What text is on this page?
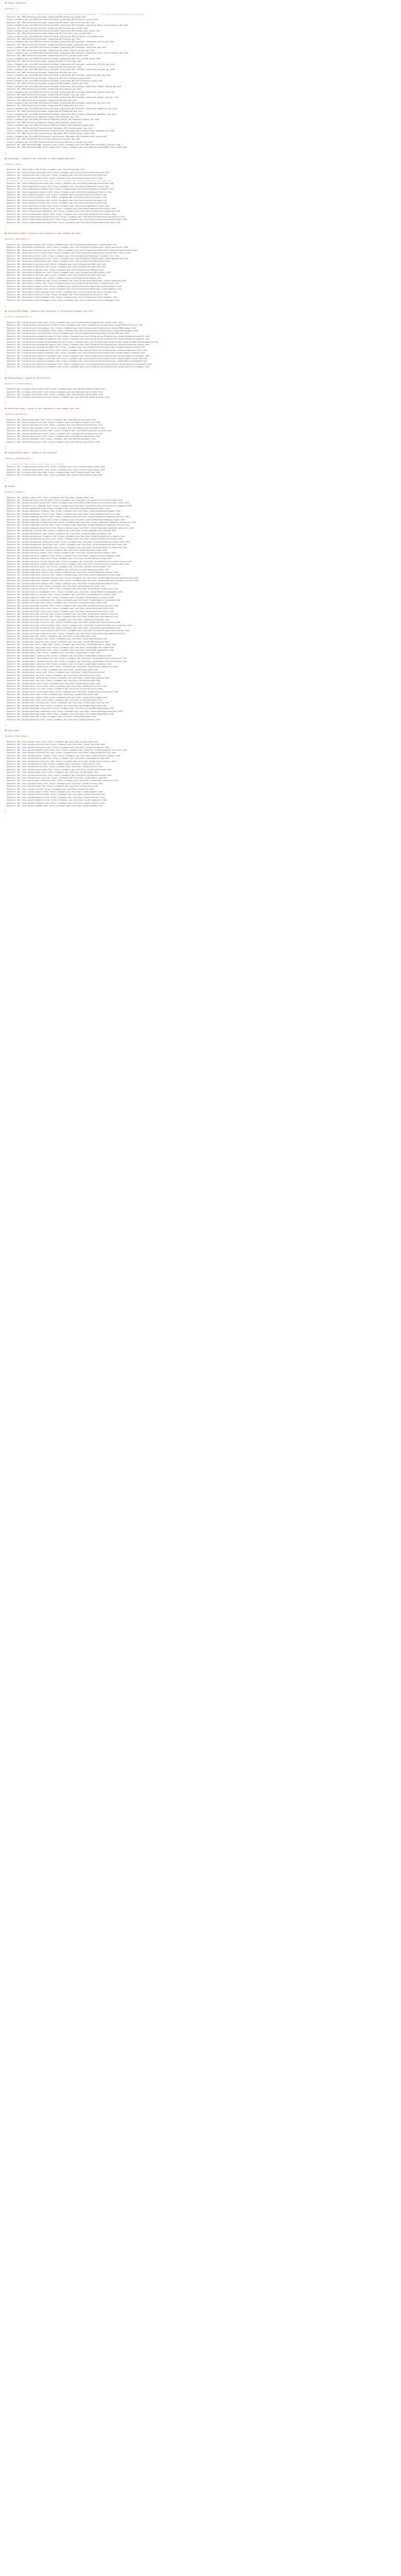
## Gerbil redirects
location / {
#[This is a remnant from an MKS-Reference/Customer-Subsystem-Migration-Subsystem... Following redirects/adjust accordingly]
Redirect 301 /MKS_Reference/Customer_Subsystem_API/autopilot_guide.html
https://example.gov-test/MKS_Reference/Customer_Subsystem_API/autopilot_guide.html
Redirect 301 /MKS_Reference/Customer_Subsystem_API/batch_notifications_api.html
https://example.gov-test/MKS_Reference/Customer_Subsystem_API/customer_subsystem_batch_notifications_api.html
Redirect 301 /MKS_Reference/Customer_Subsystem_API/canada_post_guide.html
https://example.gov-test/MKS_Reference/Customer_Subsystem_API/canada_post_guide.html
Redirect 301 /MKS_Reference/Customer_Subsystem_API/callback_retry_guide.html
https://example.gov-test/MKS_Reference/Customer_Subsystem_API/callback_retry_guide.html
Redirect 301 /MKS_Reference/Customer_Subsystem_API/config_api.html
https://example.gov-test/MKS_Reference/Customer_Subsystem_API/customer_subsystem_config_api.html
Redirect 301 /MKS_Reference/Customer_Subsystem_API/customer_subsystem_api.html
https://example.gov-test/MKS_Reference/Customer_Subsystem_API/customer_subsystem_api.html
Redirect 301 /MKS_Reference/Customer_Subsystem_API/event_notifications_api.html
https://example.gov-test/MKS_Reference/Customer_Subsystem_API/customer_subsystem_event_notifications_api.html
Redirect 301 /MKS_Reference/Customer_Subsystem_API/file_upload_guide.html
https://example.gov-test/MKS_Reference/Customer_Subsystem_API/file_upload_guide.html
Redirect 301 /MKS_Reference/Customer_Subsystem_API/filters_api.html
https://example.gov-test/MKS_Reference/Customer_Subsystem_API/customer_subsystem_filters_api.html
Redirect 301 /MKS_Reference/Customer_Subsystem_API/message_api.html
https://example.gov-test/MKS_Reference/Customer_Subsystem_API/customer_subsystem_message_api.html
Redirect 301 /MKS_Reference/Customer_Subsystem_API/mms_api.html
https://example.gov-test/MKS_Reference/Customer_Subsystem_API/customer_subsystem_mms_api.html
Redirect 301 /MKS_Reference/Customer_Subsystem_API/notifications_guide.html
https://example.gov-test/MKS_Reference/Customer_Subsystem_API/notifications_guide.html
Redirect 301 /MKS_Reference/Customer_Subsystem_API/number_lookup_api.html
https://example.gov-test/MKS_Reference/Customer_Subsystem_API/customer_subsystem_number_lookup_api.html
Redirect 301 /MKS_Reference/Customer_Subsystem_API/reports_api.html
https://example.gov-test/MKS_Reference/Customer_Subsystem_API/customer_subsystem_reports_api.html
Redirect 301 /MKS_Reference/Customer_Subsystem_API/sender_ids_api.html
https://example.gov-test/MKS_Reference/Customer_Subsystem_API/customer_subsystem_sender_ids_api.html
Redirect 301 /MKS_Reference/Customer_Subsystem_API/sms_api.html
https://example.gov-test/MKS_Reference/Customer_Subsystem_API/customer_subsystem_sms_api.html
Redirect 301 /MKS_Reference/Customer_Subsystem_API/templates_api.html
https://example.gov-test/MKS_Reference/Customer_Subsystem_API/customer_subsystem_templates_api.html
Redirect 301 /MKS_Reference/Customer_Subsystem_API/webhooks_api.html
https://example.gov-test/MKS_Reference/Customer_Subsystem_API/customer_subsystem_webhooks_api.html
Redirect 301 /MKS_Reference/Template_Engine_API/template_api.html
https://example.gov-test/MKS_Reference/Template_Engine_API/template_engine_api.html
Redirect 301 /MKS_Reference/Template_Engine_API/template_guide.html
https://example.gov-test/MKS_Reference/Template_Engine_API/template_guide.html
Redirect 301 /MKS_Reference/Transactional_Messages_API/transactional_api.html
https://example.gov-test/MKS_Reference/Transactional_Messages_API/transactional_messages_api.html
Redirect 301 /MKS_Reference/Transactional_Messages_API/transactional_guide.html
https://example.gov-test/MKS_Reference/Transactional_Messages_API/transactional_guide.html
Redirect 301 /MKS_Reference/Verification_API/verification_api.html
https://example.gov-test/MKS_Reference/Verification_API/verification_api.html
Redirect 301 /MKS_Reference/MKS_Glossary.html https://example.gov-test/MKS_Reference/MKS_Glossary.html
Redirect 301 /MKS_Reference/MKS_Error_Codes.html https://example.gov-test/MKS_Reference/MKS_Error_Codes.html
}
## Help-Pages : moved to new locations in help.example.gov-test
location /help {
Redirect 301 /help/index.html https://example.gov-test/help/index.html
Redirect 301 /help/account/settings.html https://example.gov-test/help/account/settings.html
Redirect 301 /help/account/billing.html https://example.gov-test/help/account/billing.html
Redirect 301 /help/account/users.html https://example.gov-test/help/account/users.html
# Redirect 301 /help/account/api_keys.html https://example.gov-test/help/account/api_keys.html
Redirect 301 /help/campaigns/overview.html https://example.gov-test/help/campaigns/overview.html
Redirect 301 /help/campaigns/create.html https://example.gov-test/help/campaigns/create.html
Redirect 301 /help/campaigns/schedule.html https://example.gov-test/help/campaigns/schedule.html
Redirect 301 /help/campaigns/reports.html https://example.gov-test/help/campaigns/reports.html
Redirect 301 /help/contacts/import.html https://example.gov-test/help/contacts/import.html
Redirect 301 /help/contacts/export.html https://example.gov-test/help/contacts/export.html
Redirect 301 /help/contacts/groups.html https://example.gov-test/help/contacts/groups.html
Redirect 301 /help/contacts/fields.html https://example.gov-test/help/contacts/fields.html
Redirect 301 /help/templates/create.html https://example.gov-test/help/templates/create.html
Redirect 301 /help/templates/variables.html https://example.gov-test/help/templates/variables.html
Redirect 301 /help/integrations/webhooks.html https://example.gov-test/help/integrations/webhooks.html
Redirect 301 /help/integrations/zapier.html https://example.gov-test/help/integrations/zapier.html
Redirect 301 /help/integrations/salesforce.html https://example.gov-test/help/integrations/salesforce.html
Redirect 301 /help/troubleshooting/delivery.html https://example.gov-test/help/troubleshooting/delivery.html
Redirect 301 /help/troubleshooting/login.html https://example.gov-test/help/troubleshooting/login.html
}
## Developers-Pages : moved to new locations in dev.example.gov-test
location /developers {
Redirect 301 /developers/index.html https://example.gov-test/Integration/Developer_Guide/index.html
Redirect 301 /developers/quickstart.html https://example.gov-test/Integration/Developer_Guide/quickstart.html
Redirect 301 /developers/authentication.html https://example.gov-test/Integration/Developer_Guide/authentication.html
Redirect 301 /developers/rate_limits.html https://example.gov-test/Integration/Developer_Guide/rate_limits.html
Redirect 301 /developers/errors.html https://example.gov-test/Integration/Developer_Guide/errors.html
Redirect 301 /developers/pagination.html https://example.gov-test/Integration/Developer_Guide/pagination.html
Redirect 301 /developers/sdk/python.html https://example.gov-test/Integration/SDK/python.html
Redirect 301 /developers/sdk/java.html https://example.gov-test/Integration/SDK/java.html
Redirect 301 /developers/sdk/node.html https://example.gov-test/Integration/SDK/node.html
Redirect 301 /developers/sdk/php.html https://example.gov-test/Integration/SDK/php.html
Redirect 301 /developers/sdk/dotnet.html https://example.gov-test/Integration/SDK/dotnet.html
Redirect 301 /developers/sdk/ruby.html https://example.gov-test/Integration/SDK/ruby.html
Redirect 301 /developers/sdk/go.html https://example.gov-test/Integration/SDK/go.html
Redirect 301 /developers/changelog.html https://example.gov-test/Integration/Developer_Guide/changelog.html
Redirect 301 /developers/status.html https://example.gov-test/Integration/Developer_Guide/status.html
Redirect 301 /developers/support.html https://example.gov-test/Integration/Developer_Guide/support.html
Redirect 301 /developers/samples.html https://example.gov-test/Integration/Developer_Guide/samples.html
Redirect 301 /developers/tools/postman.html https://example.gov-test/Integration/Tools/postman.html
Redirect 301 /developers/tools/cli.html https://example.gov-test/Integration/Tools/cli.html
Redirect 301 /developers/tools/sandbox.html https://example.gov-test/Integration/Tools/sandbox.html
Redirect 301 /developers/tools/debugger.html https://example.gov-test/Integration/Tools/debugger.html
}
## Integrations-Pages : moved to new locations in integrations.example.gov-test
location /integrations {
Redirect 301 /integrations/index.html https://example.gov-test/Integration/Integrations_Guide/index.html
Redirect 301 /integrations/crm/salesforce.html https://example.gov-test/Integration/Integrations_Guide/CRM/salesforce.html
Redirect 301 /integrations/crm/hubspot.html https://example.gov-test/Integration/Integrations_Guide/CRM/hubspot.html
Redirect 301 /integrations/crm/dynamics.html https://example.gov-test/Integration/Integrations_Guide/CRM/dynamics.html
Redirect 301 /integrations/crm/zoho.html https://example.gov-test/Integration/Integrations_Guide/CRM/zoho.html
Redirect 301 /integrations/ecommerce/shopify.html https://example.gov-test/Integration/Integrations_Guide/Ecommerce/shopify.html
Redirect 301 /integrations/ecommerce/magento.html https://example.gov-test/Integration/Integrations_Guide/Ecommerce/magento.html
Redirect 301 /integrations/ecommerce/woocommerce.html https://example.gov-test/Integration/Integrations_Guide/Ecommerce/woocommerce.html
Redirect 301 /integrations/automation/zapier.html https://example.gov-test/Integration/Integrations_Guide/Automation/zapier.html
Redirect 301 /integrations/automation/make.html https://example.gov-test/Integration/Integrations_Guide/Automation/make.html
Redirect 301 /integrations/automation/ifttt.html https://example.gov-test/Integration/Integrations_Guide/Automation/ifttt.html
Redirect 301 /integrations/support/zendesk.html https://example.gov-test/Integration/Integrations_Guide/Support/zendesk.html
Redirect 301 /integrations/support/freshdesk.html https://example.gov-test/Integration/Integrations_Guide/Support/freshdesk.html
Redirect 301 /integrations/support/intercom.html https://example.gov-test/Integration/Integrations_Guide/Support/intercom.html
Redirect 301 /integrations/analytics/google.html https://example.gov-test/Integration/Integrations_Guide/Analytics/google.html
Redirect 301 /integrations/analytics/mixpanel.html https://example.gov-test/Integration/Integrations_Guide/Analytics/mixpanel.html
Redirect 301 /integrations/analytics/segment.html https://example.gov-test/Integration/Integrations_Guide/Analytics/segment.html
}
## Release-Notes : moved to new locations
location /release-notes {
Redirect 301 /release-notes/index.html https://example.gov-test/Release_Notes/index.html
Redirect 301 /release-notes/2023.html https://example.gov-test/Release_Notes/2023.html
Redirect 301 /release-notes/2024.html https://example.gov-test/Release_Notes/2024.html
Redirect 301 /release-notes/archive.html https://example.gov-test/Release_Notes/archive.html
}
## Marketing-Pages : moved to new locations in www.example.gov-test
location /marketing {
Redirect 301 /marketing/index.html https://example.gov-test/Marketing/index.html
Redirect 301 /marketing/pricing.html https://example.gov-test/Marketing/pricing.html
Redirect 301 /marketing/features.html https://example.gov-test/Marketing/features.html
Redirect 301 /marketing/customers.html https://example.gov-test/Marketing/customers.html
Redirect 301 /marketing/case-studies.html https://example.gov-test/Marketing/case-studies.html
Redirect 301 /marketing/partners.html https://example.gov-test/Marketing/partners.html
Redirect 301 /marketing/contact.html https://example.gov-test/Marketing/contact.html
Redirect 301 /marketing/about.html https://example.gov-test/Marketing/about.html
Redirect 301 /marketing/careers.html https://example.gov-test/Marketing/careers.html
}
## Transactional-Pages : moved to new locations
location /transactional {
# Transactional_Mail_Guide moved (keep for history)
Redirect 301 /transactional/index.html https://example.gov-test/Transactional/index.html
Redirect 301 /transactional/email.html https://example.gov-test/Transactional/email.html
Redirect 301 /transactional/sms.html https://example.gov-test/Transactional/sms.html
Redirect 301 /transactional/push.html https://example.gov-test/Transactional/push.html
}
## Guides
location /guides {
Redirect 301 /guides/index.html https://example.gov-test/User_Guide/index.html
Redirect 301 /guides/getting_started.html https://example.gov-test/User_Guide/Getting_Started/index.html
Redirect 301 /guides/account_setup.html https://example.gov-test/User_Guide/Getting_Started/account_setup.html
Redirect 301 /guides/first_campaign.html https://example.gov-test/User_Guide/Getting_Started/first_campaign.html
Redirect 301 /guides/dashboard.html https://example.gov-test/User_Guide/Dashboard/index.html
Redirect 301 /guides/dashboard_widgets.html https://example.gov-test/User_Guide/Dashboard/widgets.html
Redirect 301 /guides/dashboard_filters.html https://example.gov-test/User_Guide/Dashboard/filters.html
Redirect 301 /guides/campaign_builder.html https://example.gov-test/User_Guide/Campaigns/campaign_builder.html
Redirect 301 /guides/campaign_types.html https://example.gov-test/User_Guide/Campaigns/campaign_types.html
Redirect 301 /guides/campaign_scheduling.html https://example.gov-test/User_Guide/Campaigns/campaign_scheduling.html
Redirect 301 /guides/campaign_testing.html https://example.gov-test/User_Guide/Campaigns/campaign_testing.html
Redirect 301 /guides/campaign_analytics.html https://example.gov-test/User_Guide/Campaigns/campaign_analytics.html
Redirect 301 /guides/ab_testing.html https://example.gov-test/User_Guide/Campaigns/ab_testing.html
Redirect 301 /guides/automation.html https://example.gov-test/User_Guide/Automation/index.html
Redirect 301 /guides/automation_triggers.html https://example.gov-test/User_Guide/Automation/triggers.html
Redirect 301 /guides/automation_actions.html https://example.gov-test/User_Guide/Automation/actions.html
Redirect 301 /guides/automation_conditions.html https://example.gov-test/User_Guide/Automation/conditions.html
Redirect 301 /guides/automation_workflows.html https://example.gov-test/User_Guide/Automation/workflows.html
Redirect 301 /guides/automation_templates.html https://example.gov-test/User_Guide/Automation/templates.html
Redirect 301 /guides/contacts.html https://example.gov-test/User_Guide/Contacts/index.html
Redirect 301 /guides/contacts_import.html https://example.gov-test/User_Guide/Contacts/import.html
Redirect 301 /guides/contacts_segments.html https://example.gov-test/User_Guide/Contacts/segments.html
Redirect 301 /guides/contacts_tags.html https://example.gov-test/User_Guide/Contacts/tags.html
Redirect 301 /guides/contacts_custom_fields.html https://example.gov-test/User_Guide/Contacts/custom_fields.html
Redirect 301 /guides/contacts_unsubscribes.html https://example.gov-test/User_Guide/Contacts/unsubscribes.html
Redirect 301 /guides/contacts_gdpr.html https://example.gov-test/User_Guide/Contacts/gdpr.html
Redirect 301 /guides/templates.html https://example.gov-test/User_Guide/Templates/index.html
Redirect 301 /guides/templates_editor.html https://example.gov-test/User_Guide/Templates/editor.html
Redirect 301 /guides/templates_library.html https://example.gov-test/User_Guide/Templates/library.html
Redirect 301 /guides/templates_personalization.html https://example.gov-test/User_Guide/Templates/personalization.html
Redirect 301 /guides/templates_dynamic_content.html https://example.gov-test/User_Guide/Templates/dynamic_content.html
Redirect 301 /guides/templates_mobile.html https://example.gov-test/User_Guide/Templates/mobile.html
Redirect 301 /guides/reports.html https://example.gov-test/User_Guide/Reports/index.html
Redirect 301 /guides/reports_delivery.html https://example.gov-test/User_Guide/Reports/delivery.html
Redirect 301 /guides/reports_engagement.html https://example.gov-test/User_Guide/Reports/engagement.html
Redirect 301 /guides/reports_revenue.html https://example.gov-test/User_Guide/Reports/revenue.html
Redirect 301 /guides/reports_export.html https://example.gov-test/User_Guide/Reports/export.html
Redirect 301 /guides/reports_scheduled.html https://example.gov-test/User_Guide/Reports/scheduled.html
Redirect 301 /guides/settings.html https://example.gov-test/User_Guide/Settings/index.html
Redirect 301 /guides/settings_account.html https://example.gov-test/User_Guide/Settings/account.html
Redirect 301 /guides/settings_users.html https://example.gov-test/User_Guide/Settings/users.html
Redirect 301 /guides/settings_roles.html https://example.gov-test/User_Guide/Settings/roles.html
Redirect 301 /guides/settings_billing.html https://example.gov-test/User_Guide/Settings/billing.html
Redirect 301 /guides/settings_domains.html https://example.gov-test/User_Guide/Settings/domains.html
Redirect 301 /guides/settings_api.html https://example.gov-test/User_Guide/Settings/api.html
Redirect 301 /guides/settings_security.html https://example.gov-test/User_Guide/Settings/security.html
Redirect 301 /guides/settings_notifications.html https://example.gov-test/User_Guide/Settings/notifications.html
Redirect 301 /guides/settings_branding.html https://example.gov-test/User_Guide/Settings/branding.html
Redirect 301 /guides/settings_localization.html https://example.gov-test/User_Guide/Settings/localization.html
Redirect 301 /guides/settings_compliance.html https://example.gov-test/User_Guide/Settings/compliance.html
Redirect 301 /guides/sms.html https://example.gov-test/User_Guide/SMS/index.html
Redirect 301 /guides/sms_sending.html https://example.gov-test/User_Guide/SMS/sending.html
Redirect 301 /guides/sms_keywords.html https://example.gov-test/User_Guide/SMS/keywords.html
Redirect 301 /guides/sms_short_codes.html https://example.gov-test/User_Guide/SMS/short_codes.html
Redirect 301 /guides/sms_long_codes.html https://example.gov-test/User_Guide/SMS/long_codes.html
Redirect 301 /guides/sms_compliance.html https://example.gov-test/User_Guide/SMS/compliance.html
Redirect 301 /guides/email.html https://example.gov-test/User_Guide/Email/index.html
Redirect 301 /guides/email_sending.html https://example.gov-test/User_Guide/Email/sending.html
Redirect 301 /guides/email_deliverability.html https://example.gov-test/User_Guide/Email/deliverability.html
Redirect 301 /guides/email_authentication.html https://example.gov-test/User_Guide/Email/authentication.html
Redirect 301 /guides/email_bounces.html https://example.gov-test/User_Guide/Email/bounces.html
Redirect 301 /guides/email_complaints.html https://example.gov-test/User_Guide/Email/complaints.html
Redirect 301 /guides/push.html https://example.gov-test/User_Guide/Push/index.html
Redirect 301 /guides/push_setup.html https://example.gov-test/User_Guide/Push/setup.html
Redirect 301 /guides/push_ios.html https://example.gov-test/User_Guide/Push/ios.html
Redirect 301 /guides/push_android.html https://example.gov-test/User_Guide/Push/android.html
Redirect 301 /guides/push_web.html https://example.gov-test/User_Guide/Push/web.html
Redirect 301 /guides/voice.html https://example.gov-test/User_Guide/Voice/index.html
Redirect 301 /guides/voice_calls.html https://example.gov-test/User_Guide/Voice/calls.html
Redirect 301 /guides/voice_ivr.html https://example.gov-test/User_Guide/Voice/ivr.html
Redirect 301 /guides/voice_recordings.html https://example.gov-test/User_Guide/Voice/recordings.html
Redirect 301 /guides/chat.html https://example.gov-test/User_Guide/Chat/index.html
Redirect 301 /guides/chat_widget.html https://example.gov-test/User_Guide/Chat/widget.html
Redirect 301 /guides/chat_bots.html https://example.gov-test/User_Guide/Chat/bots.html
Redirect 301 /guides/chat_routing.html https://example.gov-test/User_Guide/Chat/routing.html
Redirect 301 /guides/whatsapp.html https://example.gov-test/User_Guide/WhatsApp/index.html
Redirect 301 /guides/whatsapp_setup.html https://example.gov-test/User_Guide/WhatsApp/setup.html
Redirect 301 /guides/whatsapp_templates.html https://example.gov-test/User_Guide/WhatsApp/templates.html
Redirect 301 /guides/whatsapp_media.html https://example.gov-test/User_Guide/WhatsApp/media.html
Redirect 301 /guides/faq.html https://example.gov-test/User_Guide/FAQ/index.html
Redirect 301 /guides/glossary.html https://example.gov-test/User_Guide/glossary.html
}
## User-Guide
location /user-guide {
Redirect 301 /user-guide/index.html https://example.gov-test/User_Guide/index.html
Redirect 301 /user-guide/overview.html https://example.gov-test/User_Guide/overview.html
Redirect 301 /user-guide/navigation.html https://example.gov-test/User_Guide/navigation.html
Redirect 301 /user-guide/keyboard_shortcuts.html https://example.gov-test/User_Guide/keyboard_shortcuts.html
Redirect 301 /user-guide/accessibility.html https://example.gov-test/User_Guide/accessibility.html
Redirect 301 /user-guide/browser_support.html https://example.gov-test/User_Guide/browser_support.html
Redirect 301 /user-guide/mobile_app.html https://example.gov-test/User_Guide/mobile_app.html
Redirect 301 /user-guide/notifications.html https://example.gov-test/User_Guide/notifications.html
Redirect 301 /user-guide/search.html https://example.gov-test/User_Guide/search.html
Redirect 301 /user-guide/profile.html https://example.gov-test/User_Guide/profile.html
Redirect 301 /user-guide/preferences.html https://example.gov-test/User_Guide/preferences.html
Redirect 301 /user-guide/teams.html https://example.gov-test/User_Guide/teams.html
Redirect 301 /user-guide/permissions.html https://example.gov-test/User_Guide/permissions.html
Redirect 301 /user-guide/audit_log.html https://example.gov-test/User_Guide/audit_log.html
Redirect 301 /user-guide/data_retention.html https://example.gov-test/User_Guide/data_retention.html
Redirect 301 /user-guide/privacy.html https://example.gov-test/User_Guide/privacy.html
Redirect 301 /user-guide/terms.html https://example.gov-test/User_Guide/terms.html
Redirect 301 /user-guide/sla.html https://example.gov-test/User_Guide/sla.html
Redirect 301 /user-guide/support.html https://example.gov-test/User_Guide/support.html
Redirect 301 /user-guide/training.html https://example.gov-test/User_Guide/training.html
Redirect 301 /user-guide/webinars.html https://example.gov-test/User_Guide/webinars.html
Redirect 301 /user-guide/community.html https://example.gov-test/User_Guide/community.html
Redirect 301 /user-guide/feedback.html https://example.gov-test/User_Guide/feedback.html
Redirect 301 /user-guide/roadmap.html https://example.gov-test/User_Guide/roadmap.html
}
